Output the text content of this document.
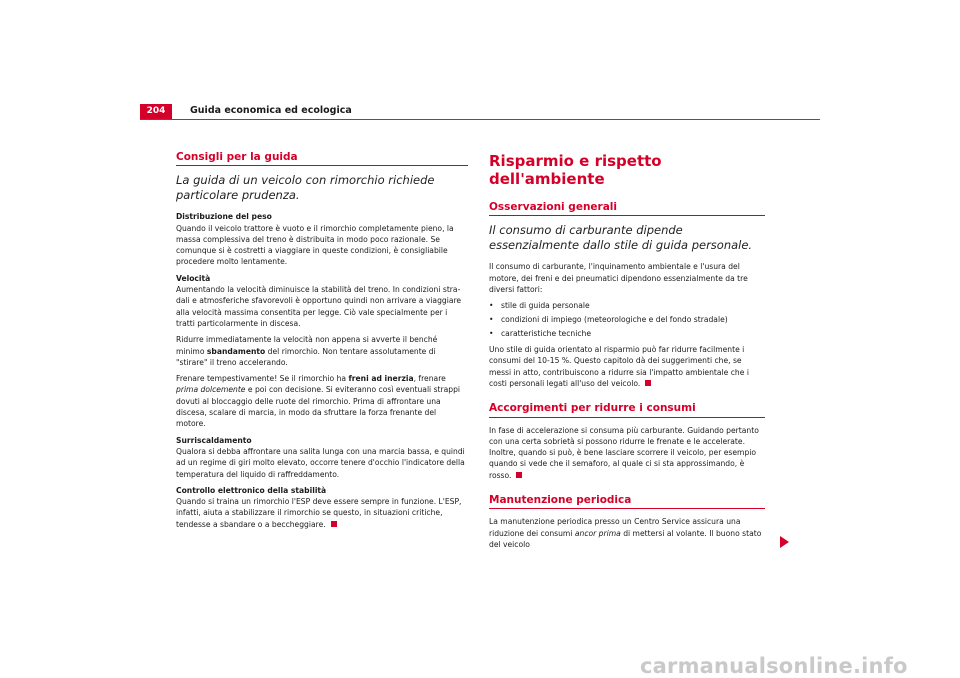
204	Guida economica ed ecologica
Consigli per la guida
La guida di un veicolo con rimorchio richiede particolare prudenza.

Distribuzione del peso

Quando il veicolo trattore è vuoto e il rimorchio completamente pieno, la massa complessiva del treno è distribuita in modo poco razionale. Se comunque si è costretti a viaggiare in queste condizioni, è consigliabile procedere molto lentamente.

Velocità

Aumentando la velocità diminuisce la stabilità del treno. In condizioni stra-dali e atmosferiche sfavorevoli è opportuno quindi non arrivare a viaggiare alla velocità massima consentita per legge. Ciò vale specialmente per i tratti particolarmente in discesa.

Ridurre immediatamente la velocità non appena si avverte il benché minimo sbandamento del rimorchio. Non tentare assolutamente di "stirare" il treno accelerando.

Frenare tempestivamente! Se il rimorchio ha freni ad inerzia, frenare prima dolcemente e poi con decisione. Si eviteranno così eventuali strappi dovuti al bloccaggio delle ruote del rimorchio. Prima di affrontare una discesa, scalare di marcia, in modo da sfruttare la forza frenante del motore.

Surriscaldamento

Qualora si debba affrontare una salita lunga con una marcia bassa, e quindi ad un regime di giri molto elevato, occorre tenere d'occhio l'indicatore della temperatura del liquido di raffreddamento.

Controllo elettronico della stabilità

Quando si traina un rimorchio l'ESP deve essere sempre in funzione. L'ESP, infatti, aiuta a stabilizzare il rimorchio se questo, in situazioni critiche, tendesse a sbandare o a beccheggiare.

Risparmio e rispetto dell'ambiente
Osservazioni generali
Il consumo di carburante dipende essenzialmente dallo stile di guida personale.

Il consumo di carburante, l'inquinamento ambientale e l'usura del motore, dei freni e dei pneumatici dipendono essenzialmente da tre diversi fattori:

• stile di guida personale
• condizioni di impiego (meteorologiche e del fondo stradale)
• caratteristiche tecniche

Uno stile di guida orientato al risparmio può far ridurre facilmente i consumi del 10-15 %. Questo capitolo dà dei suggerimenti che, se messi in atto, contribuiscono a ridurre sia l'impatto ambientale che i costi personali legati all'uso del veicolo.

Accorgimenti per ridurre i consumi

In fase di accelerazione si consuma più carburante. Guidando pertanto con una certa sobrietà si possono ridurre le frenate e le accelerate. Inoltre, quando si può, è bene lasciare scorrere il veicolo, per esempio quando si vede che il semaforo, al quale ci si sta approssimando, è rosso.

Manutenzione periodica

La manutenzione periodica presso un Centro Service assicura una riduzione dei consumi ancor prima di mettersi al volante. Il buono stato del veicolo

carmanualsonline.info
